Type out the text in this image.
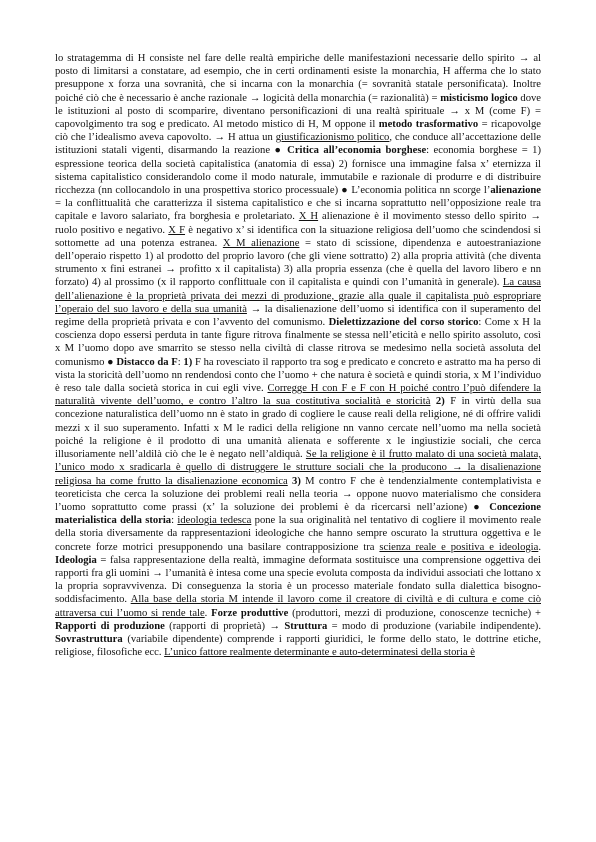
lo stratagemma di H consiste nel fare delle realtà empiriche delle manifestazioni necessarie dello spirito → al posto di limitarsi a constatare, ad esempio, che in certi ordinamenti esiste la monarchia, H afferma che lo stato presuppone x forza una sovranità, che si incarna con la monarchia (= sovranità statale personificata). Inoltre poiché ciò che è necessario è anche razionale → logicità della monarchia (= razionalità) = misticismo logico dove le istituzioni al posto di scomparire, diventano personificazioni di una realtà spirituale → x M (come F) = capovolgimento tra sog e predicato. Al metodo mistico di H, M oppone il metodo trasformativo = ricapovolge ciò che l’idealismo aveva capovolto. → H attua un giustificazionismo politico, che conduce all’accettazione delle istituzioni statali vigenti, disarmando la reazione ● Critica all’economia borghese: economia borghese = 1) espressione teorica della società capitalistica (anatomia di essa) 2) fornisce una immagine falsa x’ eternizza il sistema capitalistico considerandolo come il modo naturale, immutabile e razionale di produrre e di distribuire ricchezza (nn collocandolo in una prospettiva storico processuale) ● L’economia politica nn scorge l’alienazione = la conflittualità che caratterizza il sistema capitalistico e che si incarna soprattutto nell’opposizione reale tra capitale e lavoro salariato, fra borghesia e proletariato. X H alienazione è il movimento stesso dello spirito → ruolo positivo e negativo. X F è negativo x’ si identifica con la situazione religiosa dell’uomo che scindendosi si sottomette ad una potenza estranea. X M alienazione = stato di scissione, dipendenza e autoestraniazione dell’operaio rispetto 1) al prodotto del proprio lavoro (che gli viene sottratto) 2) alla propria attività (che diventa strumento x fini estranei → profitto x il capitalista) 3) alla propria essenza (che è quella del lavoro libero e nn forzato) 4) al prossimo (x il rapporto conflittuale con il capitalista e quindi con l’umanità in generale). La causa dell’alienazione è la proprietà privata dei mezzi di produzione, grazie alla quale il capitalista può espropriare l’operaio del suo lavoro e della sua umanità → la disalienazione dell’uomo si identifica con il superamento del regime della proprietà privata e con l’avvento del comunismo. Dielettizzazione del corso storico: Come x H la coscienza dopo essersi perduta in tante figure ritrova finalmente se stessa nell’eticità e nello spirito assoluto, così x M l’uomo dopo ave smarrito se stesso nella civiltà di classe ritrova se medesimo nella società assoluta del comunismo ● Distacco da F: 1) F ha rovesciato il rapporto tra sog e predicato e concreto e astratto ma ha perso di vista la storicità dell’uomo nn rendendosi conto che l’uomo + che natura è società e quindi storia, x M l’individuo è reso tale dalla società storica in cui egli vive. Corregge H con F e F con H poiché contro l’può difendere la naturalità vivente dell’uomo, e contro l’altro la sua costitutiva socialità e storicità 2) F in virtù della sua concezione naturalistica dell’uomo nn è stato in grado di cogliere le cause reali della religione, né di offrire validi mezzi x il suo superamento. Infatti x M le radici della religione nn vanno cercate nell’uomo ma nella società poiché la religione è il prodotto di una umanità alienata e sofferente x le ingiustizie sociali, che cerca illusoriamente nell’aldilà ciò che le è negato nell’aldiquà. Se la religione è il frutto malato di una società malata, l’unico modo x sradicarla è quello di distruggere le strutture sociali che la producono → la disalienazione religiosa ha come frutto la disalienazione economica 3) M contro F che è tendenzialmente contemplativista e teoreticista che cerca la soluzione dei problemi reali nella teoria → oppone nuovo materialismo che considera l’uomo soprattutto come prassi (x’ la soluzione dei problemi è da ricercarsi nell’azione) ● Concezione materialistica della storia: ideologia tedesca pone la sua originalità nel tentativo di cogliere il movimento reale della storia diversamente da rappresentazioni ideologiche che hanno sempre oscurato la struttura oggettiva e le concrete forze motrici presupponendo una basilare contrapposizione tra scienza reale e positiva e ideologia. Ideologia = falsa rappresentazione della realtà, immagine deformata sostituisce una comprensione oggettiva dei rapporti fra gli uomini → l’umanità è intesa come una specie evoluta composta da individui associati che lottano x la propria sopravvivenza. Di conseguenza la storia è un processo materiale fondato sulla dialettica bisogno-soddisfacimento. Alla base della storia M intende il lavoro come il creatore di civiltà e di cultura e come ciò attraversa cui l’uomo si rende tale. Forze produttive (produttori, mezzi di produzione, conoscenze tecniche) + Rapporti di produzione (rapporti di proprietà) → Struttura = modo di produzione (variabile indipendente). Sovrastruttura (variabile dipendente) comprende i rapporti giuridici, le forme dello stato, le dottrine etiche, religiose, filosofiche ecc. L’unico fattore realmente determinante e auto-determinatesi della storia è
